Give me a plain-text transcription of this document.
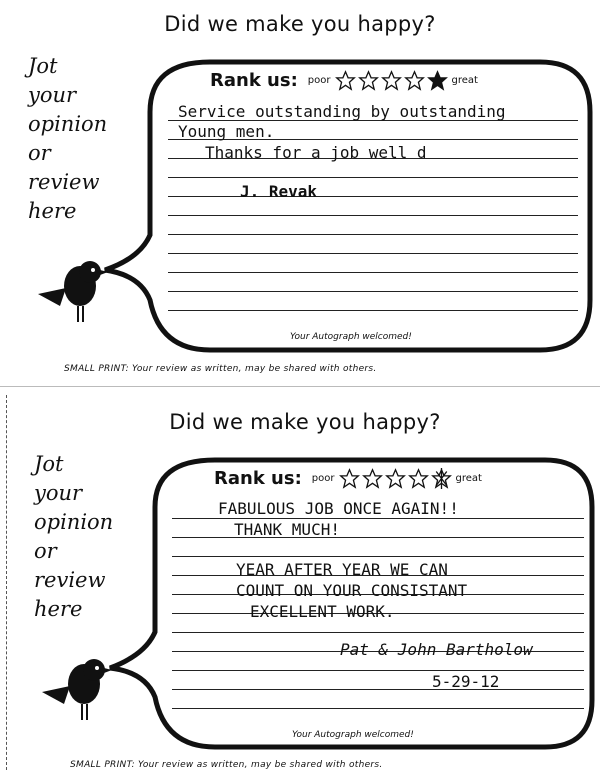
Did we make you happy?
Jot
your
opinion
or
review
here
Rank us: poor	great
Service outstanding by outstanding
Young men.
Thanks for a job well d
J. Revak
Your Autograph welcomed!
SMALL PRINT: Your review as written, may be shared with others.
Did we make you happy?
Jot
your
opinion
or
review
here
Rank us: poor	great
FABULOUS JOB ONCE AGAIN!!
THANK MUCH!
YEAR AFTER YEAR WE CAN
COUNT ON YOUR CONSISTANT
EXCELLENT WORK.
Pat & John Bartholow
5-29-12
Your Autograph welcomed!
SMALL PRINT: Your review as written, may be shared with others.
